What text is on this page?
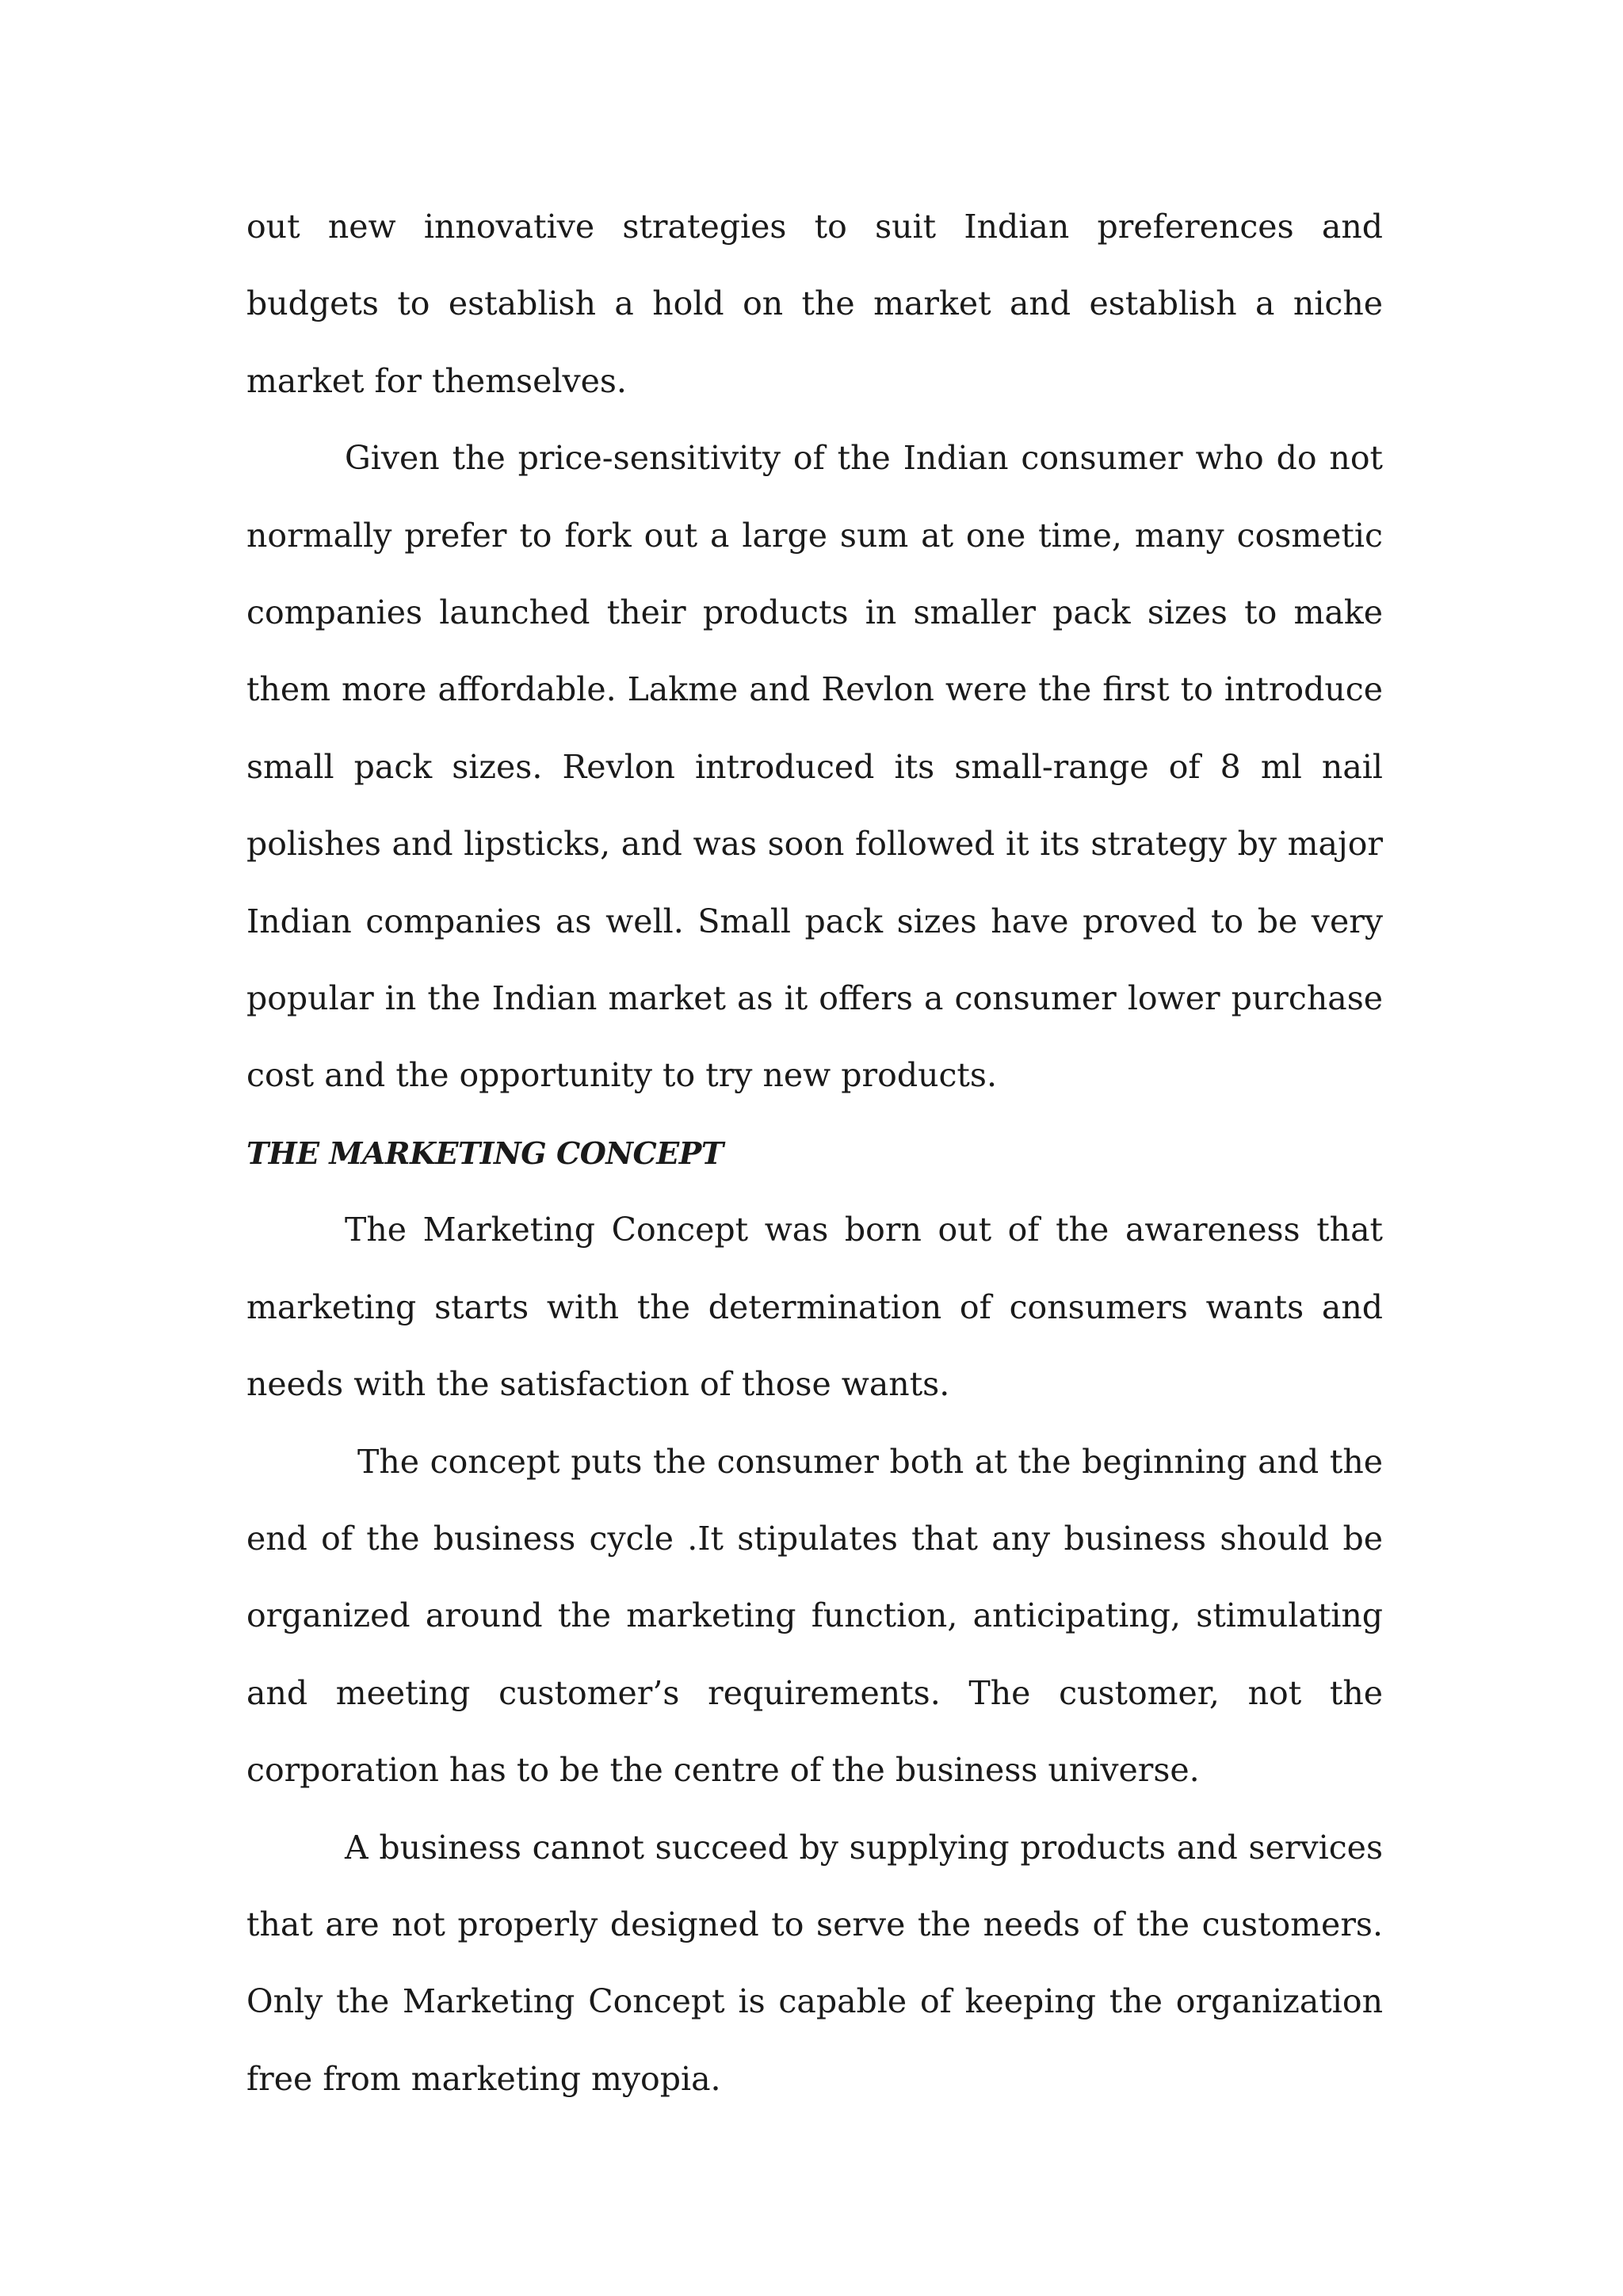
out new innovative strategies to suit Indian preferences and budgets to establish a hold on the market and establish a niche market for themselves.

Given the price-sensitivity of the Indian consumer who do not normally prefer to fork out a large sum at one time, many cosmetic companies launched their products in smaller pack sizes to make them more affordable. Lakme and Revlon were the first to introduce small pack sizes. Revlon introduced its small-range of 8 ml nail polishes and lipsticks, and was soon followed it its strategy by major Indian companies as well. Small pack sizes have proved to be very popular in the Indian market as it offers a consumer lower purchase cost and the opportunity to try new products.

THE MARKETING CONCEPT

The Marketing Concept was born out of the awareness that marketing starts with the determination of consumers wants and needs with the satisfaction of those wants.

The concept puts the consumer both at the beginning and the end of the business cycle .It stipulates that any business should be organized around the marketing function, anticipating, stimulating and meeting customer’s requirements. The customer, not the corporation has to be the centre of the business universe.

A business cannot succeed by supplying products and services that are not properly designed to serve the needs of the customers. Only the Marketing Concept is capable of keeping the organization free from marketing myopia.
